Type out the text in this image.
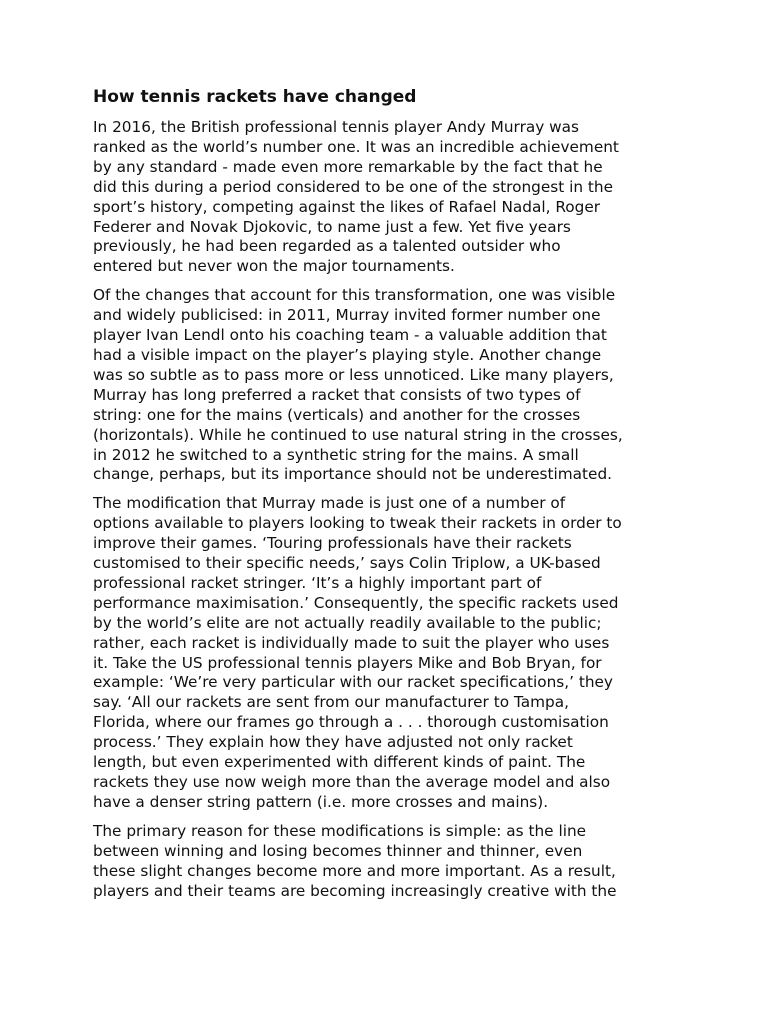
How tennis rackets have changed

In 2016, the British professional tennis player Andy Murray was
ranked as the world’s number one. It was an incredible achievement
by any standard - made even more remarkable by the fact that he
did this during a period considered to be one of the strongest in the
sport’s history, competing against the likes of Rafael Nadal, Roger
Federer and Novak Djokovic, to name just a few. Yet five years
previously, he had been regarded as a talented outsider who
entered but never won the major tournaments.

Of the changes that account for this transformation, one was visible
and widely publicised: in 2011, Murray invited former number one
player Ivan Lendl onto his coaching team - a valuable addition that
had a visible impact on the player’s playing style. Another change
was so subtle as to pass more or less unnoticed. Like many players,
Murray has long preferred a racket that consists of two types of
string: one for the mains (verticals) and another for the crosses
(horizontals). While he continued to use natural string in the crosses,
in 2012 he switched to a synthetic string for the mains. A small
change, perhaps, but its importance should not be underestimated.

The modification that Murray made is just one of a number of
options available to players looking to tweak their rackets in order to
improve their games. ‘Touring professionals have their rackets
customised to their specific needs,’ says Colin Triplow, a UK-based
professional racket stringer. ‘It’s a highly important part of
performance maximisation.’ Consequently, the specific rackets used
by the world’s elite are not actually readily available to the public;
rather, each racket is individually made to suit the player who uses
it. Take the US professional tennis players Mike and Bob Bryan, for
example: ‘We’re very particular with our racket specifications,’ they
say. ‘All our rackets are sent from our manufacturer to Tampa,
Florida, where our frames go through a . . . thorough customisation
process.’ They explain how they have adjusted not only racket
length, but even experimented with different kinds of paint. The
rackets they use now weigh more than the average model and also
have a denser string pattern (i.e. more crosses and mains).

The primary reason for these modifications is simple: as the line
between winning and losing becomes thinner and thinner, even
these slight changes become more and more important. As a result,
players and their teams are becoming increasingly creative with the
